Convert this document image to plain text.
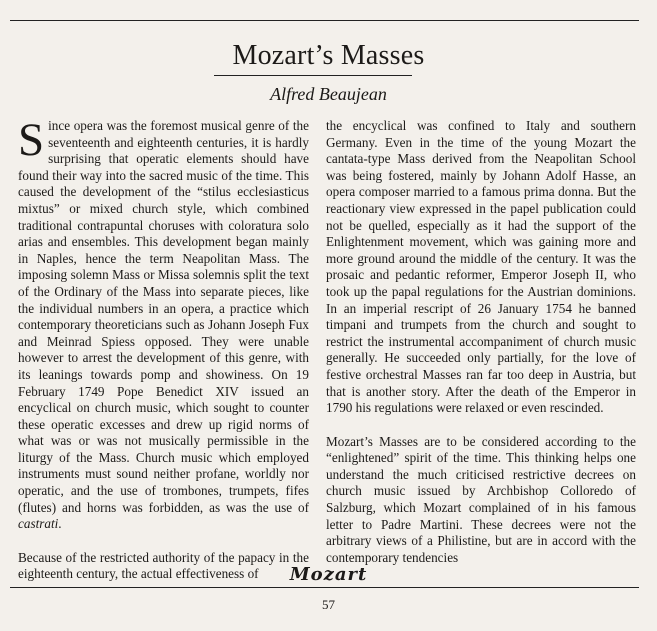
Mozart’s Masses
Alfred Beaujean

Since opera was the foremost musical genre of the seventeenth and eighteenth centuries, it is hardly surprising that operatic elements should have found their way into the sacred music of the time. This caused the development of the “stilus ecclesiasticus mixtus” or mixed church style, which combined traditional contrapuntal choruses with coloratura solo arias and ensembles. This development began mainly in Naples, hence the term Neapolitan Mass. The imposing solemn Mass or Missa solemnis split the text of the Ordinary of the Mass into separate pieces, like the individual numbers in an opera, a practice which contemporary theoreticians such as Johann Joseph Fux and Meinrad Spiess opposed. They were unable however to arrest the development of this genre, with its leanings towards pomp and showiness. On 19 February 1749 Pope Benedict XIV issued an encyclical on church music, which sought to counter these operatic excesses and drew up rigid norms of what was or was not musically permissible in the liturgy of the Mass. Church music which employed instruments must sound neither profane, worldly nor operatic, and the use of trombones, trumpets, fifes (flutes) and horns was forbidden, as was the use of castrati.

Because of the restricted authority of the papacy in the eighteenth century, the actual effectiveness of

the encyclical was confined to Italy and southern Germany. Even in the time of the young Mozart the cantata-type Mass derived from the Neapolitan School was being fostered, mainly by Johann Adolf Hasse, an opera composer married to a famous prima donna. But the reactionary view expressed in the papel publication could not be quelled, especially as it had the support of the Enlightenment movement, which was gaining more and more ground around the middle of the century. It was the prosaic and pedantic reformer, Emperor Joseph II, who took up the papal regulations for the Austrian dominions. In an imperial rescript of 26 January 1754 he banned timpani and trumpets from the church and sought to restrict the instrumental accompaniment of church music generally. He succeeded only partially, for the love of festive orchestral Masses ran far too deep in Austria, but that is another story. After the death of the Emperor in 1790 his regulations were relaxed or even rescinded.

Mozart’s Masses are to be considered according to the “enlightened” spirit of the time. This thinking helps one understand the much criticised restrictive decrees on church music issued by Archbishop Colloredo of Salzburg, which Mozart complained of in his famous letter to Padre Martini. These decrees were not the arbitrary views of a Philistine, but are in accord with the contemporary tendencies

Mozart
57
